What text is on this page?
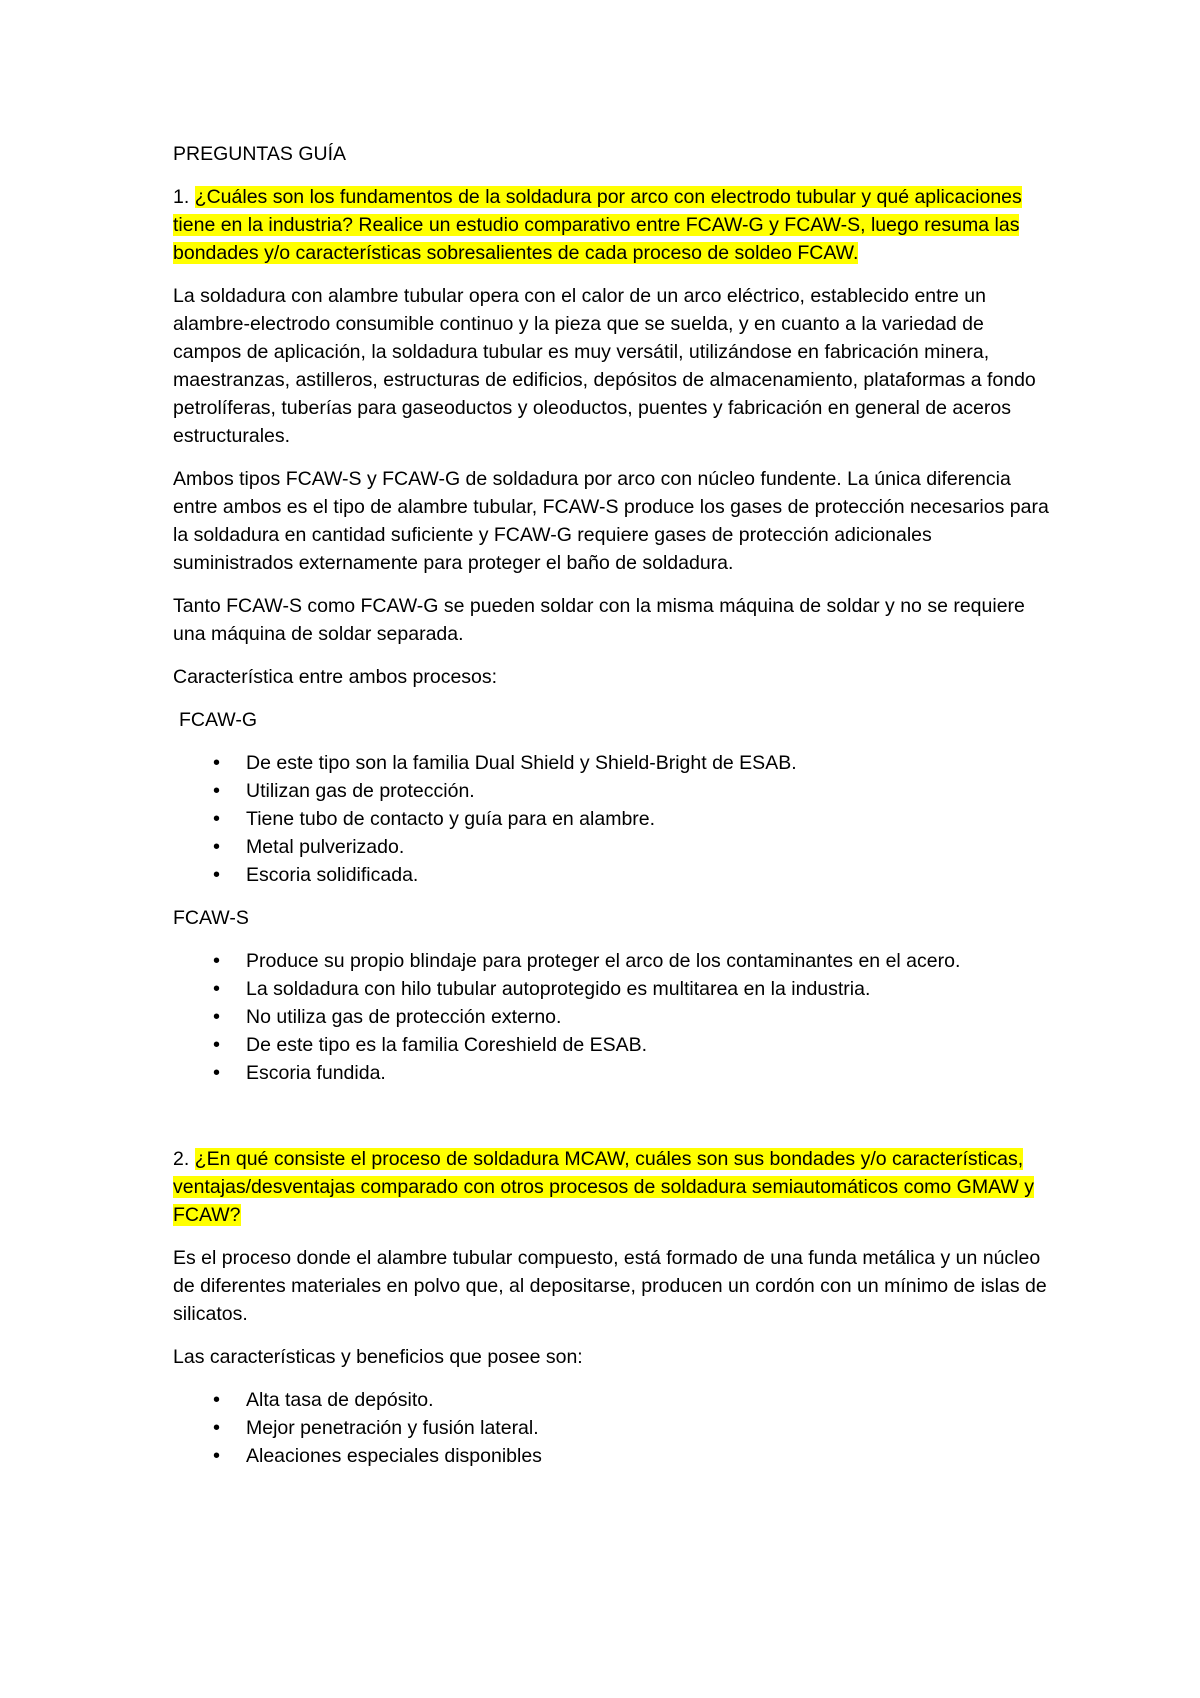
PREGUNTAS GUÍA

1. ¿Cuáles son los fundamentos de la soldadura por arco con electrodo tubular y qué aplicaciones tiene en la industria? Realice un estudio comparativo entre FCAW-G y FCAW-S, luego resuma las bondades y/o características sobresalientes de cada proceso de soldeo FCAW.

La soldadura con alambre tubular opera con el calor de un arco eléctrico, establecido entre un alambre-electrodo consumible continuo y la pieza que se suelda, y en cuanto a la variedad de campos de aplicación, la soldadura tubular es muy versátil, utilizándose en fabricación minera, maestranzas, astilleros, estructuras de edificios, depósitos de almacenamiento, plataformas a fondo petrolíferas, tuberías para gaseoductos y oleoductos, puentes y fabricación en general de aceros estructurales.

Ambos tipos FCAW-S y FCAW-G de soldadura por arco con núcleo fundente. La única diferencia entre ambos es el tipo de alambre tubular, FCAW-S produce los gases de protección necesarios para la soldadura en cantidad suficiente y FCAW-G requiere gases de protección adicionales suministrados externamente para proteger el baño de soldadura.

Tanto FCAW-S como FCAW-G se pueden soldar con la misma máquina de soldar y no se requiere una máquina de soldar separada.

Característica entre ambos procesos:

FCAW-G

• De este tipo son la familia Dual Shield y Shield-Bright de ESAB.
• Utilizan gas de protección.
• Tiene tubo de contacto y guía para en alambre.
• Metal pulverizado.
• Escoria solidificada.

FCAW-S

• Produce su propio blindaje para proteger el arco de los contaminantes en el acero.
• La soldadura con hilo tubular autoprotegido es multitarea en la industria.
• No utiliza gas de protección externo.
• De este tipo es la familia Coreshield de ESAB.
• Escoria fundida.

2. ¿En qué consiste el proceso de soldadura MCAW, cuáles son sus bondades y/o características, ventajas/desventajas comparado con otros procesos de soldadura semiautomáticos como GMAW y FCAW?

Es el proceso donde el alambre tubular compuesto, está formado de una funda metálica y un núcleo de diferentes materiales en polvo que, al depositarse, producen un cordón con un mínimo de islas de silicatos.

Las características y beneficios que posee son:

• Alta tasa de depósito.
• Mejor penetración y fusión lateral.
• Aleaciones especiales disponibles
